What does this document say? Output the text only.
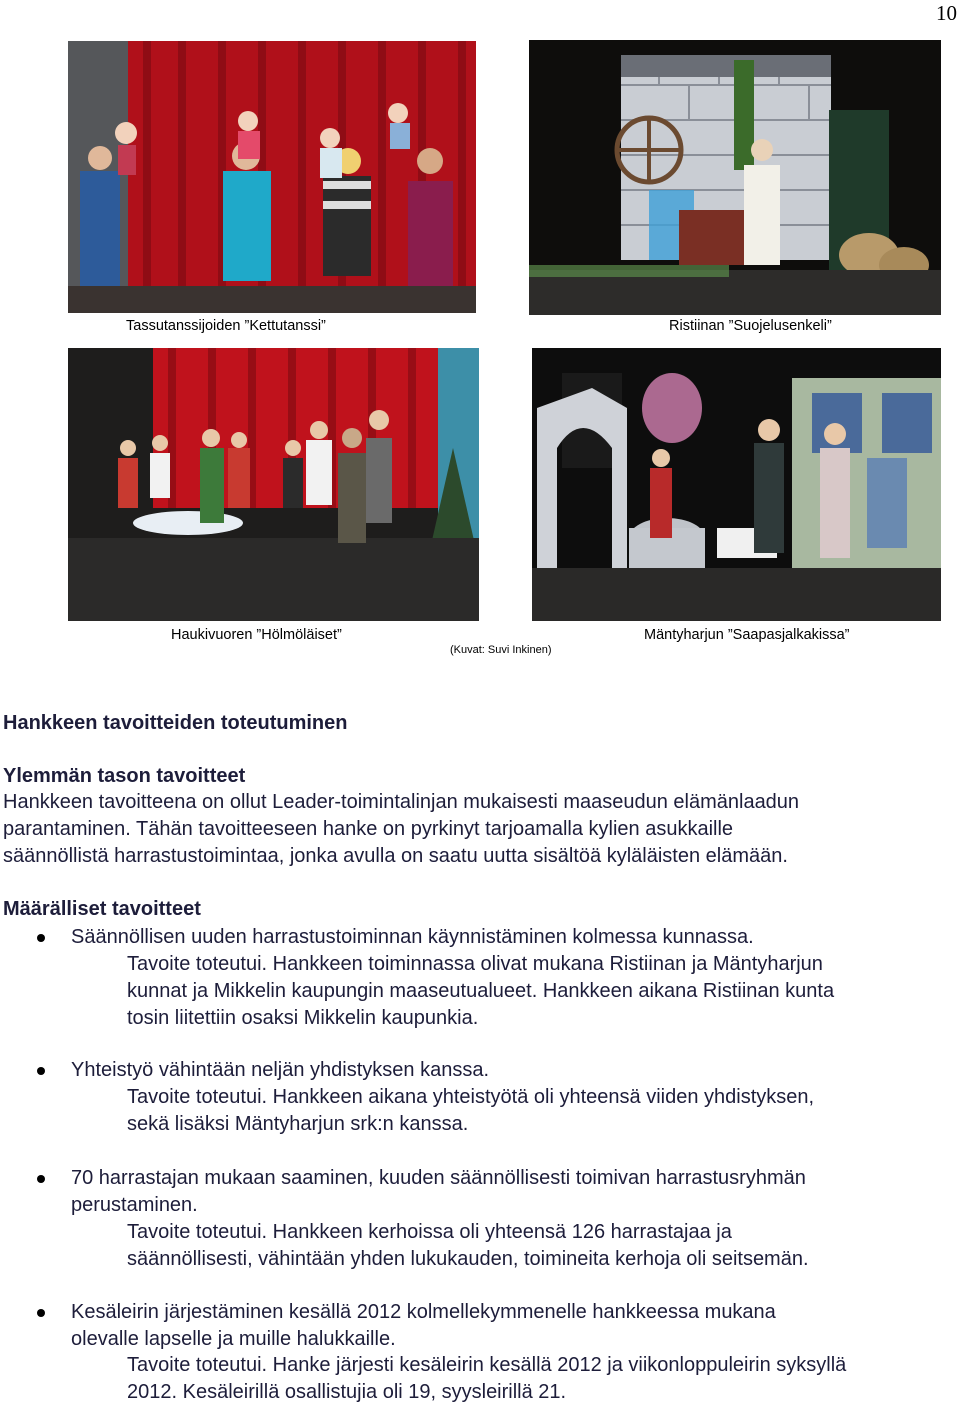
10
Tassutanssijoiden ”Kettutanssi”	Ristiinan ”Suojelusenkeli”
Haukivuoren ”Hölmöläiset”	Mäntyharjun ”Saapasjalkakissa”
(Kuvat: Suvi Inkinen)
Hankkeen tavoitteiden toteutuminen
Ylemmän tason tavoitteet
Hankkeen tavoitteena on ollut Leader-toimintalinjan mukaisesti maaseudun elämänlaadun
parantaminen. Tähän tavoitteeseen hanke on pyrkinyt tarjoamalla kylien asukkaille
säännöllistä harrastustoimintaa, jonka avulla on saatu uutta sisältöä kyläläisten elämään.
Määrälliset tavoitteet
Säännöllisen uuden harrastustoiminnan käynnistäminen kolmessa kunnassa.
Tavoite toteutui. Hankkeen toiminnassa olivat mukana Ristiinan ja Mäntyharjun
kunnat ja Mikkelin kaupungin maaseutualueet. Hankkeen aikana Ristiinan kunta
tosin liitettiin osaksi Mikkelin kaupunkia.
Yhteistyö vähintään neljän yhdistyksen kanssa.
Tavoite toteutui. Hankkeen aikana yhteistyötä oli yhteensä viiden yhdistyksen,
sekä lisäksi Mäntyharjun srk:n kanssa.
70 harrastajan mukaan saaminen, kuuden säännöllisesti toimivan harrastusryhmän
perustaminen.
Tavoite toteutui. Hankkeen kerhoissa oli yhteensä 126 harrastajaa ja
säännöllisesti, vähintään yhden lukukauden, toimineita kerhoja oli seitsemän.
Kesäleirin järjestäminen kesällä 2012 kolmellekymmenelle hankkeessa mukana
olevalle lapselle ja muille halukkaille.
Tavoite toteutui. Hanke järjesti kesäleirin kesällä 2012 ja viikonloppuleirin syksyllä
2012. Kesäleirillä osallistujia oli 19, syysleirillä 21.
